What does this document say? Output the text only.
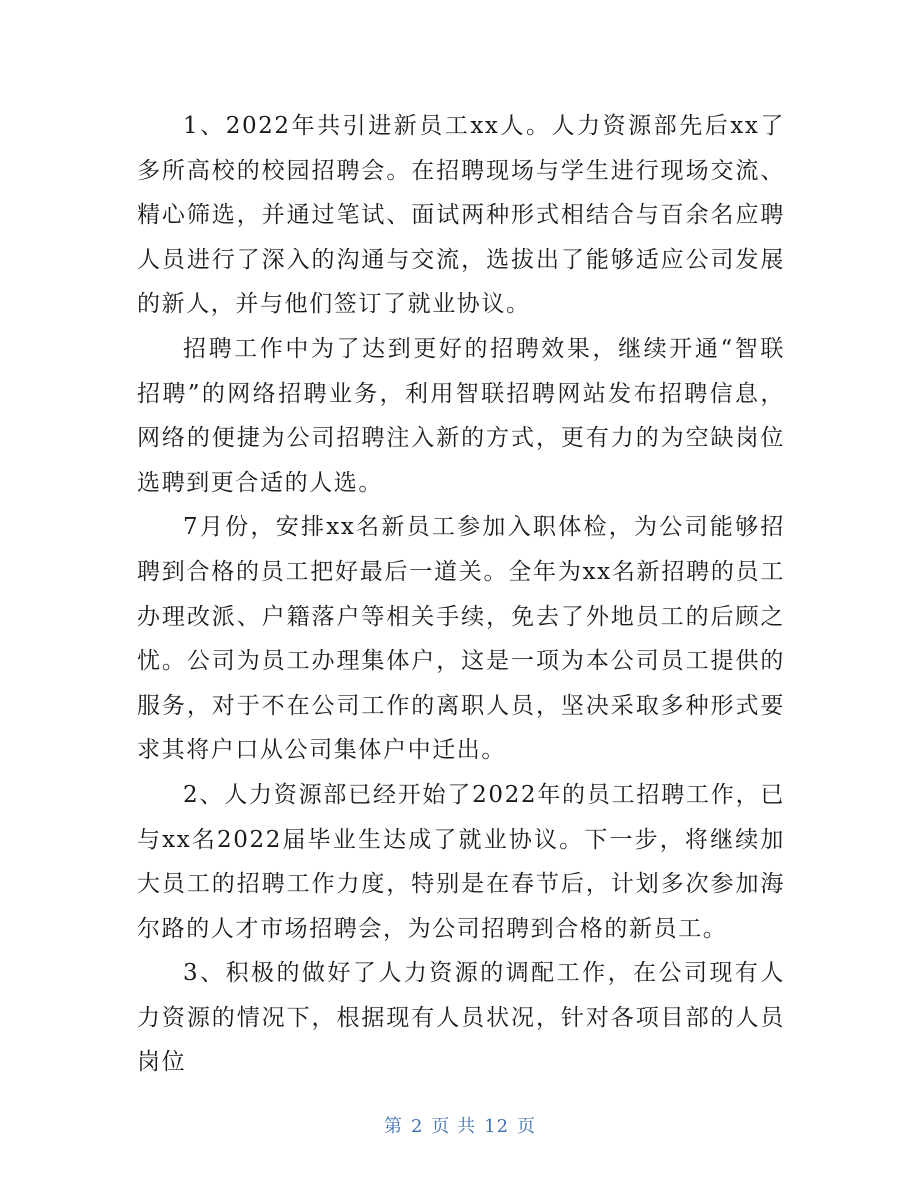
1、2022年共引进新员工xx人。人力资源部先后xx了多所高校的校园招聘会。在招聘现场与学生进行现场交流、精心筛选，并通过笔试、面试两种形式相结合与百余名应聘人员进行了深入的沟通与交流，选拔出了能够适应公司发展的新人，并与他们签订了就业协议。

招聘工作中为了达到更好的招聘效果，继续开通“智联招聘”的网络招聘业务，利用智联招聘网站发布招聘信息，网络的便捷为公司招聘注入新的方式，更有力的为空缺岗位选聘到更合适的人选。

7月份，安排xx名新员工参加入职体检，为公司能够招聘到合格的员工把好最后一道关。全年为xx名新招聘的员工办理改派、户籍落户等相关手续，免去了外地员工的后顾之忧。公司为员工办理集体户，这是一项为本公司员工提供的服务，对于不在公司工作的离职人员，坚决采取多种形式要求其将户口从公司集体户中迁出。

2、人力资源部已经开始了2022年的员工招聘工作，已与xx名2022届毕业生达成了就业协议。下一步，将继续加大员工的招聘工作力度，特别是在春节后，计划多次参加海尔路的人才市场招聘会，为公司招聘到合格的新员工。

3、积极的做好了人力资源的调配工作，在公司现有人力资源的情况下，根据现有人员状况，针对各项目部的人员岗位

第 2 页 共 12 页
